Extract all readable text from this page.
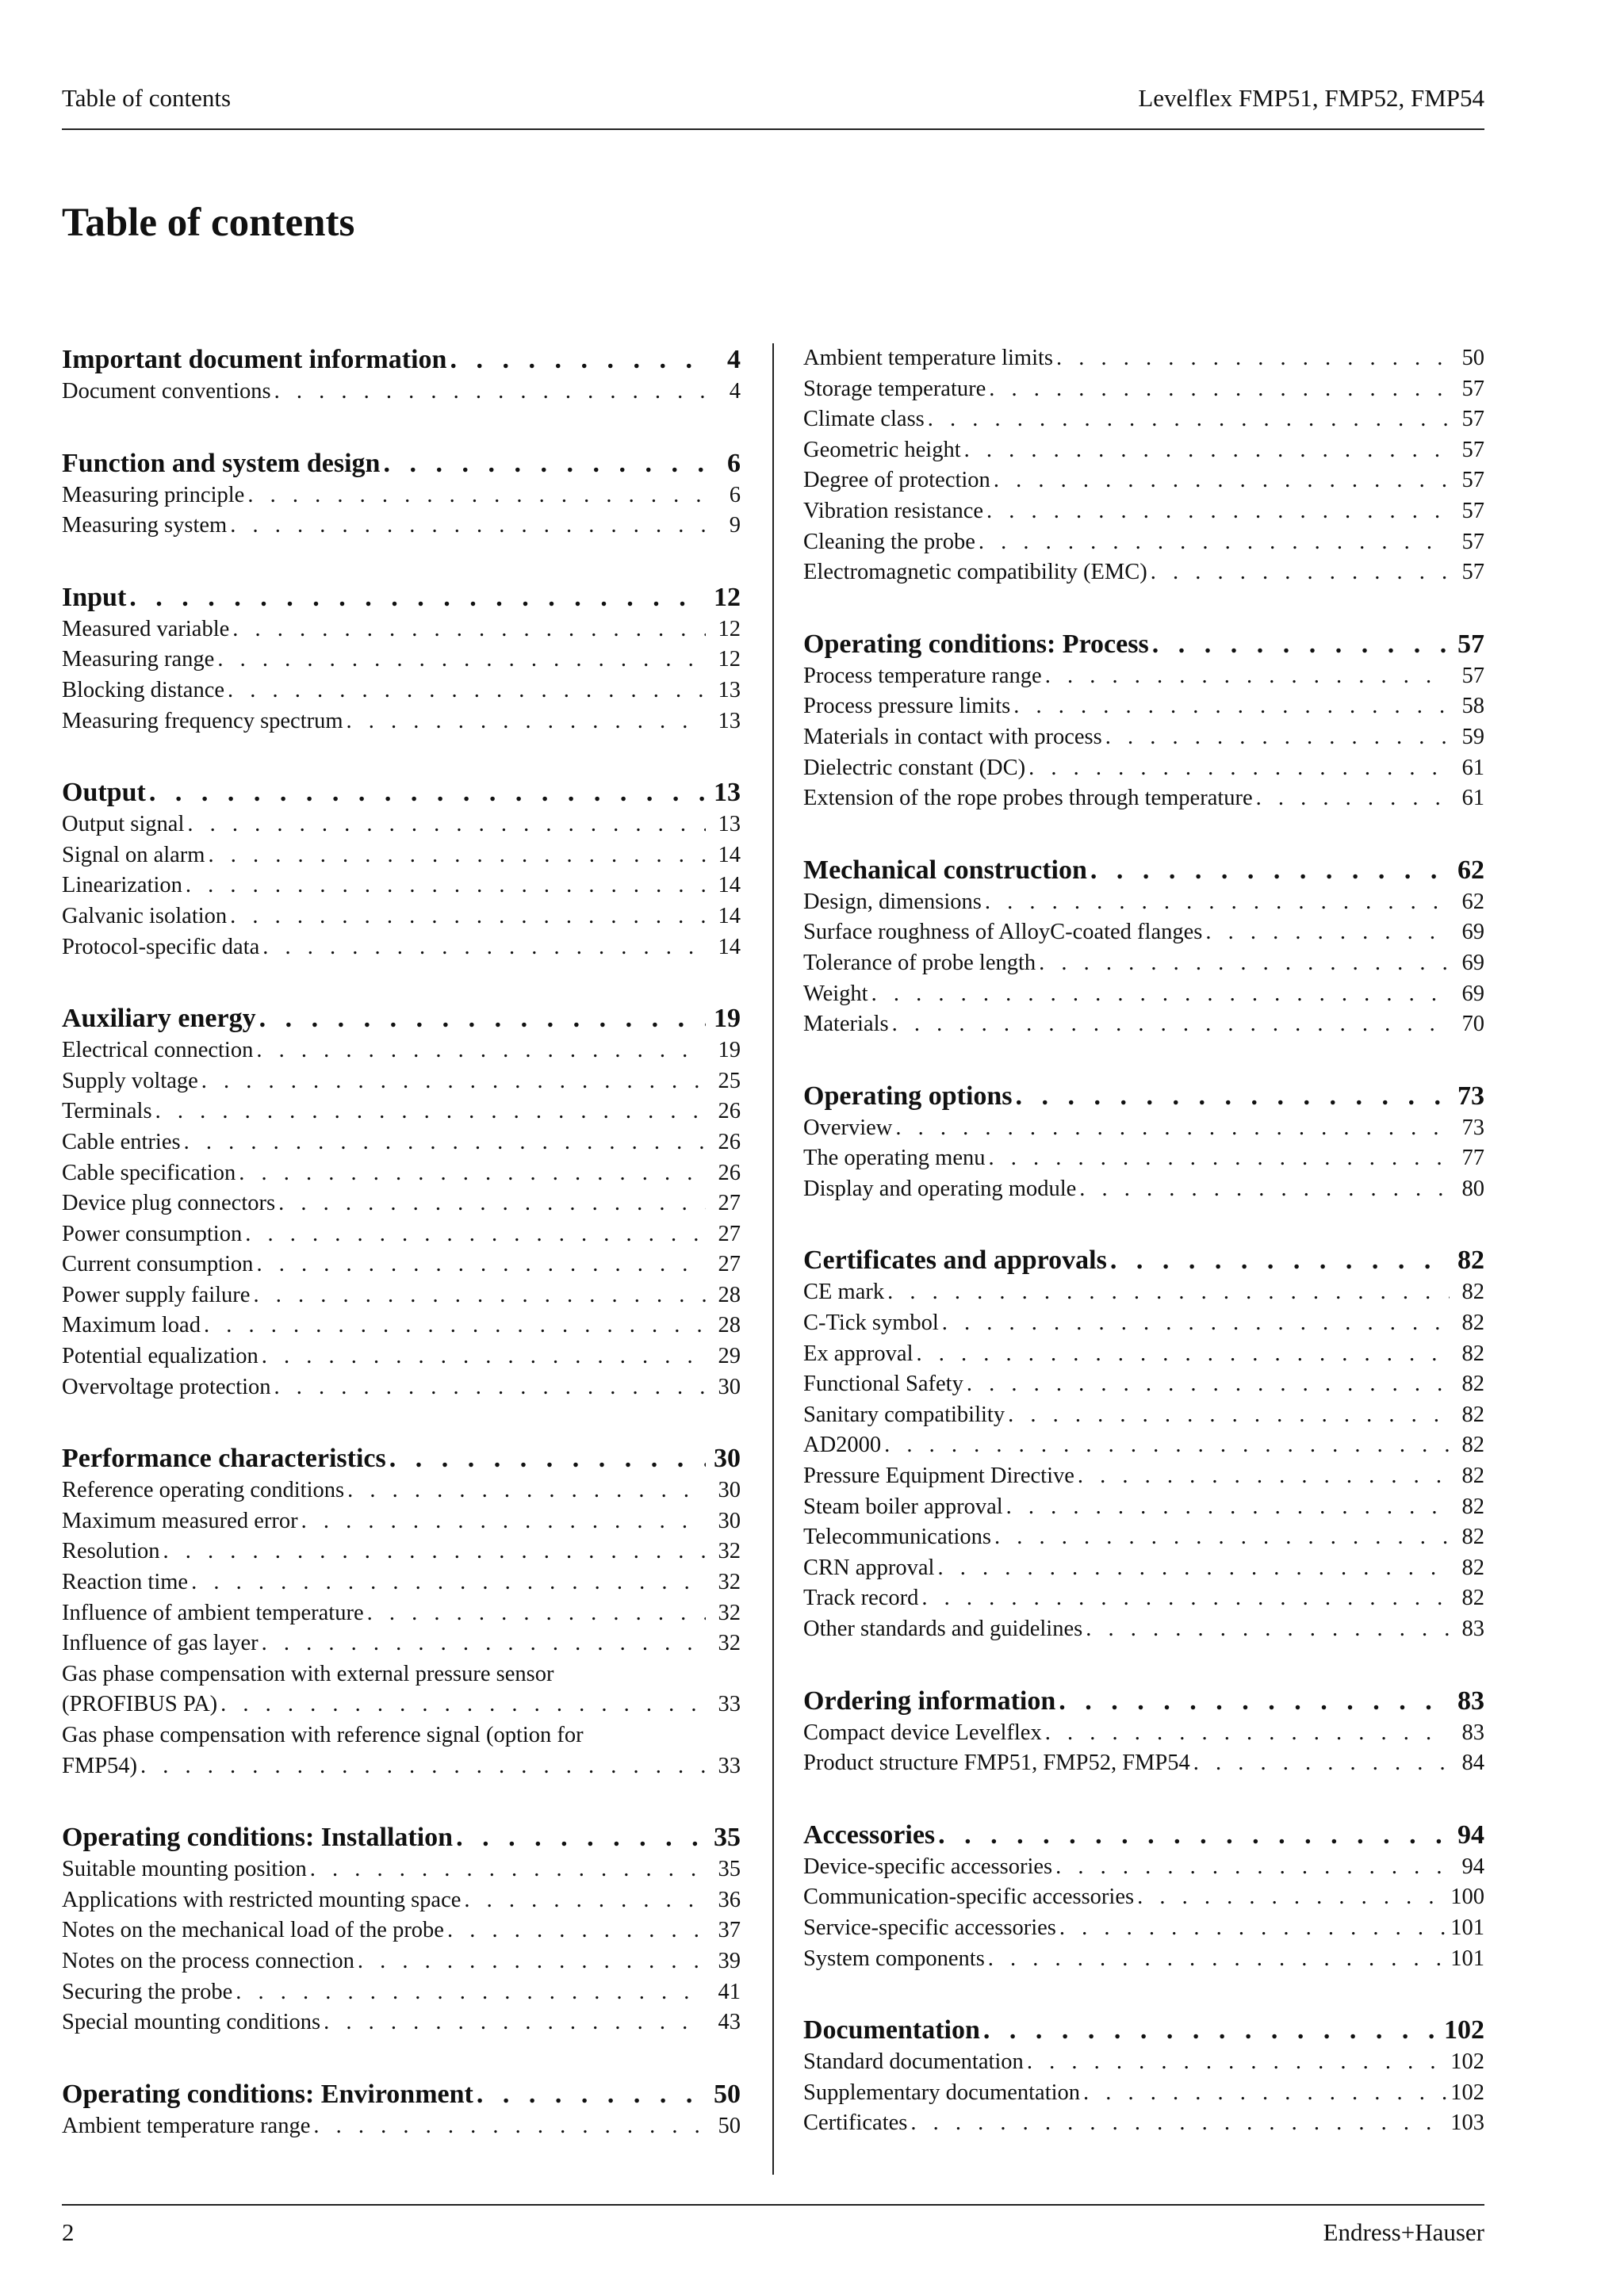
Table of contents	Levelflex FMP51, FMP52, FMP54
Table of contents
Important document information . . .	4
Document conventions . . .	4
Function and system design . . .	6
Measuring principle . . .	6
Measuring system . . .	9
Input . . .	12
Measured variable . . .	12
Measuring range . . .	12
Blocking distance . . .	13
Measuring frequency spectrum . . .	13
Output . . .	13
Output signal . . .	13
Signal on alarm . . .	14
Linearization . . .	14
Galvanic isolation . . .	14
Protocol-specific data . . .	14
Auxiliary energy . . .	19
Electrical connection . . .	19
Supply voltage . . .	25
Terminals . . .	26
Cable entries . . .	26
Cable specification . . .	26
Device plug connectors . . .	27
Power consumption . . .	27
Current consumption . . .	27
Power supply failure . . .	28
Maximum load . . .	28
Potential equalization . . .	29
Overvoltage protection . . .	30
Performance characteristics . . .	30
Reference operating conditions . . .	30
Maximum measured error . . .	30
Resolution . . .	32
Reaction time . . .	32
Influence of ambient temperature . . .	32
Influence of gas layer . . .	32
Gas phase compensation with external pressure sensor
(PROFIBUS PA) . . .	33
Gas phase compensation with reference signal (option for
FMP54) . . .	33
Operating conditions: Installation . . .	35
Suitable mounting position . . .	35
Applications with restricted mounting space . . .	36
Notes on the mechanical load of the probe . . .	37
Notes on the process connection . . .	39
Securing the probe . . .	41
Special mounting conditions . . .	43
Operating conditions: Environment . . .	50
Ambient temperature range . . .	50
Ambient temperature limits . . .	50
Storage temperature . . .	57
Climate class . . .	57
Geometric height . . .	57
Degree of protection . . .	57
Vibration resistance . . .	57
Cleaning the probe . . .	57
Electromagnetic compatibility (EMC) . . .	57
Operating conditions: Process . . .	57
Process temperature range . . .	57
Process pressure limits . . .	58
Materials in contact with process . . .	59
Dielectric constant (DC) . . .	61
Extension of the rope probes through temperature . . .	61
Mechanical construction . . .	62
Design, dimensions . . .	62
Surface roughness of AlloyC-coated flanges . . .	69
Tolerance of probe length . . .	69
Weight . . .	69
Materials . . .	70
Operating options . . .	73
Overview . . .	73
The operating menu . . .	77
Display and operating module . . .	80
Certificates and approvals . . .	82
CE mark . . .	82
C-Tick symbol . . .	82
Ex approval . . .	82
Functional Safety . . .	82
Sanitary compatibility . . .	82
AD2000 . . .	82
Pressure Equipment Directive . . .	82
Steam boiler approval . . .	82
Telecommunications . . .	82
CRN approval . . .	82
Track record . . .	82
Other standards and guidelines . . .	83
Ordering information . . .	83
Compact device Levelflex . . .	83
Product structure FMP51, FMP52, FMP54 . . .	84
Accessories . . .	94
Device-specific accessories . . .	94
Communication-specific accessories . . .	100
Service-specific accessories . . .	101
System components . . .	101
Documentation . . .	102
Standard documentation . . .	102
Supplementary documentation . . .	102
Certificates . . .	103
2	Endress+Hauser
